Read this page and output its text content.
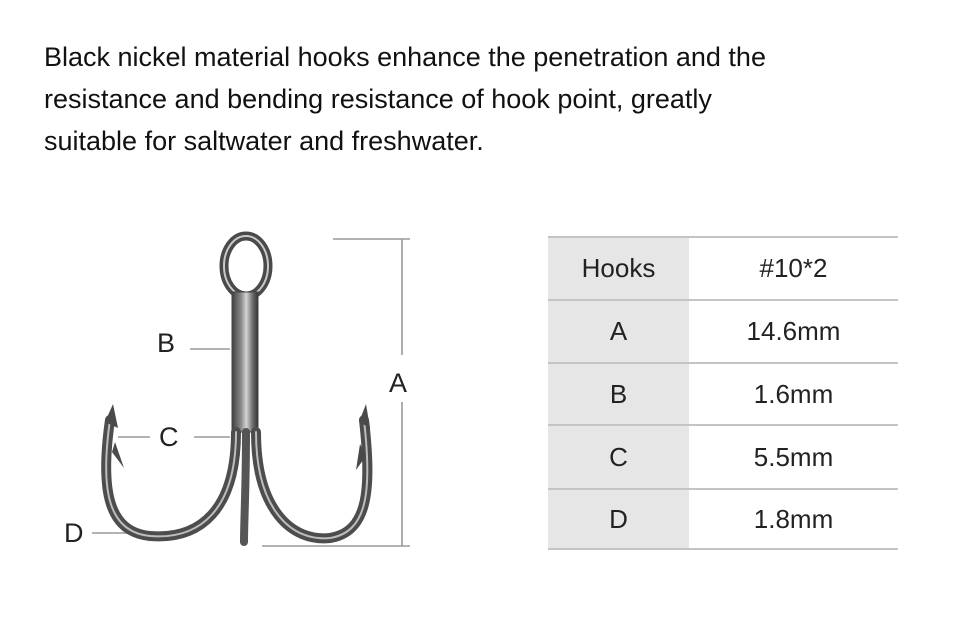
Black nickel material hooks enhance the penetration and the
resistance and bending resistance of hook point, greatly
suitable for saltwater and freshwater.
B
C
A
D
Hooks	#10*2
A	14.6mm
B	1.6mm
C	5.5mm
D	1.8mm
